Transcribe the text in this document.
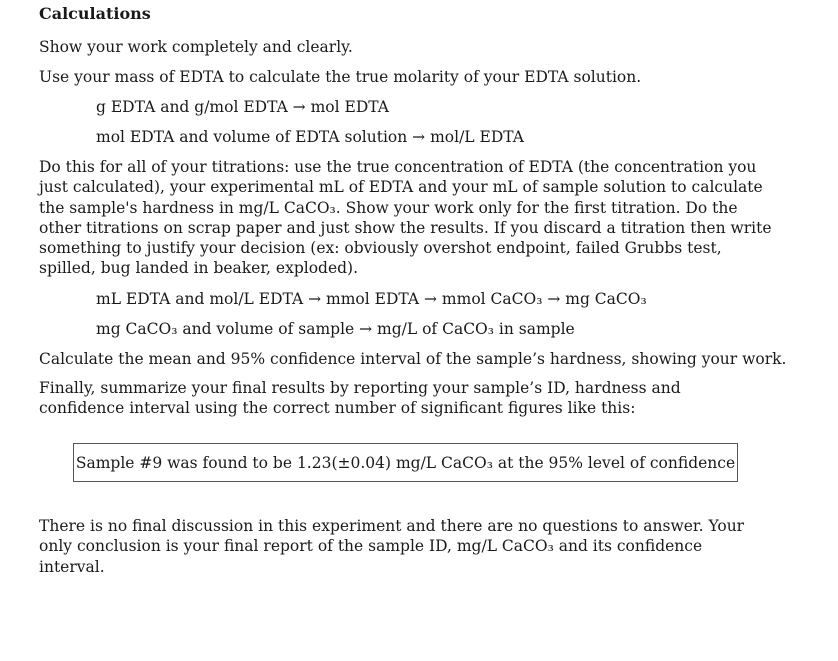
Calculations
Show your work completely and clearly.
Use your mass of EDTA to calculate the true molarity of your EDTA solution.
g EDTA and g/mol EDTA → mol EDTA
mol EDTA and volume of EDTA solution → mol/L EDTA
Do this for all of your titrations: use the true concentration of EDTA (the concentration you just calculated), your experimental mL of EDTA and your mL of sample solution to calculate the sample's hardness in mg/L CaCO₃. Show your work only for the first titration. Do the other titrations on scrap paper and just show the results. If you discard a titration then write something to justify your decision (ex: obviously overshot endpoint, failed Grubbs test, spilled, bug landed in beaker, exploded).
mL EDTA and mol/L EDTA → mmol EDTA → mmol CaCO₃ → mg CaCO₃
mg CaCO₃ and volume of sample → mg/L of CaCO₃ in sample
Calculate the mean and 95% confidence interval of the sample’s hardness, showing your work.
Finally, summarize your final results by reporting your sample’s ID, hardness and confidence interval using the correct number of significant figures like this:
Sample #9 was found to be 1.23(±0.04) mg/L CaCO₃ at the 95% level of confidence
There is no final discussion in this experiment and there are no questions to answer. Your only conclusion is your final report of the sample ID, mg/L CaCO₃ and its confidence interval.
